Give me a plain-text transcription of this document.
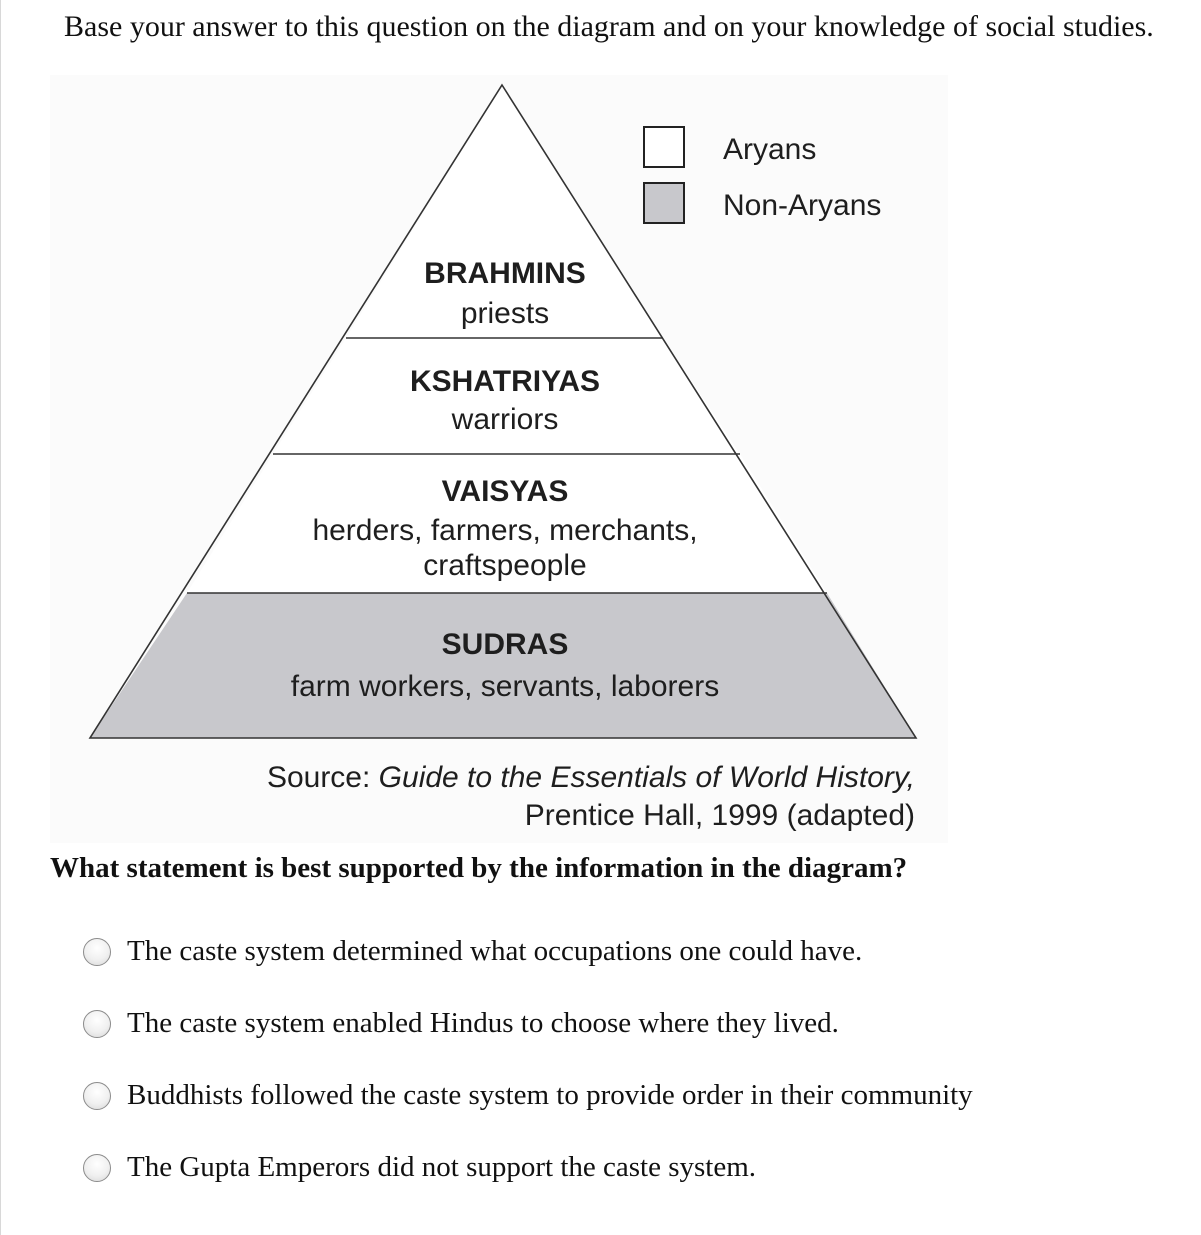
Base your answer to this question on the diagram and on your knowledge of social studies.
BRAHMINS
priests
KSHATRIYAS
warriors
VAISYAS
herders, farmers, merchants,
craftspeople
SUDRAS
farm workers, servants, laborers
Aryans
Non-Aryans
Source: Guide to the Essentials of World History,
Prentice Hall, 1999 (adapted)
What statement is best supported by the information in the diagram?
The caste system determined what occupations one could have.
The caste system enabled Hindus to choose where they lived.
Buddhists followed the caste system to provide order in their community
The Gupta Emperors did not support the caste system.
